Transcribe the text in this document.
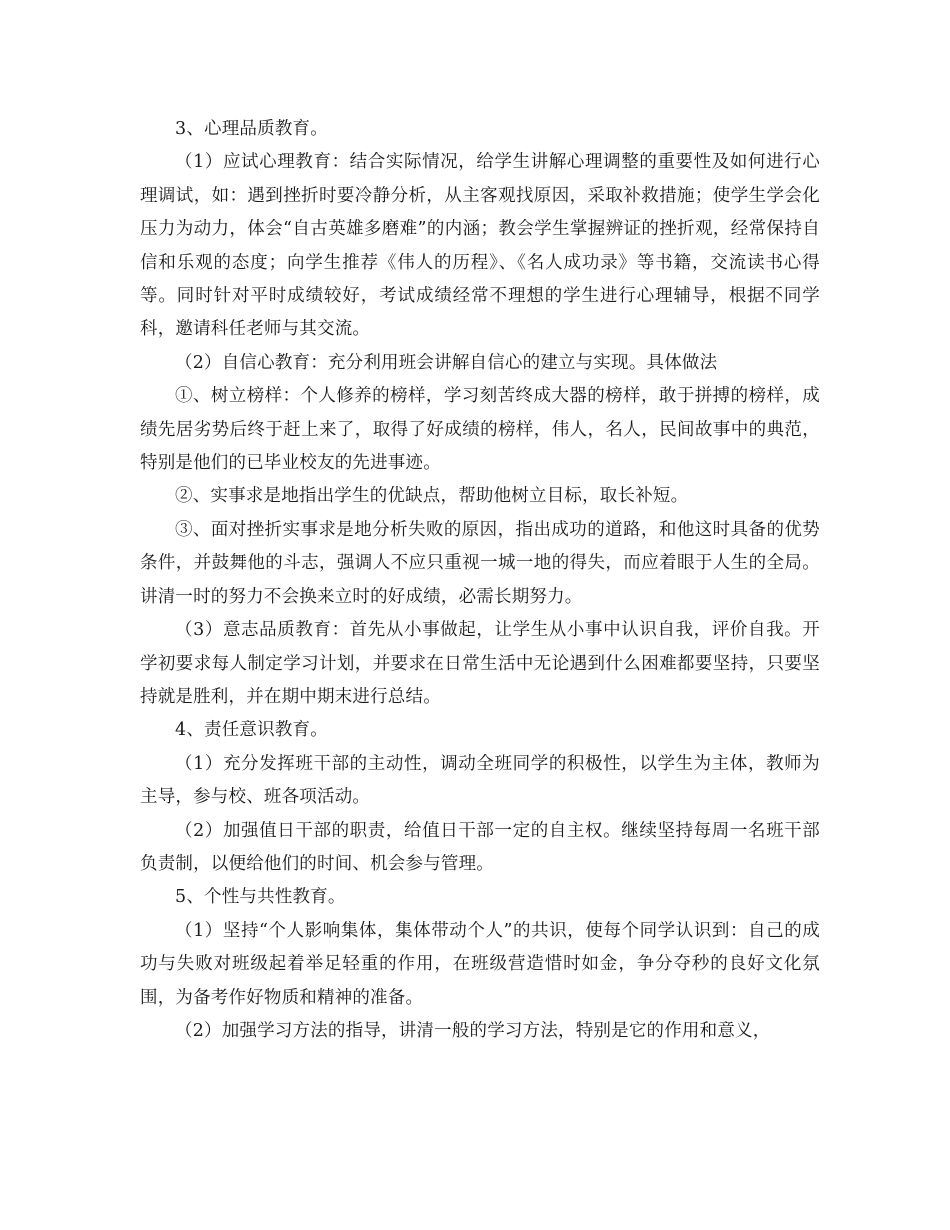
3、心理品质教育。

（1）应试心理教育：结合实际情况，给学生讲解心理调整的重要性及如何进行心理调试，如：遇到挫折时要冷静分析，从主客观找原因，采取补救措施；使学生学会化压力为动力，体会“自古英雄多磨难”的内涵；教会学生掌握辨证的挫折观，经常保持自信和乐观的态度；向学生推荐《伟人的历程》、《名人成功录》等书籍，交流读书心得等。同时针对平时成绩较好，考试成绩经常不理想的学生进行心理辅导，根据不同学科，邀请科任老师与其交流。

（2）自信心教育：充分利用班会讲解自信心的建立与实现。具体做法

①、树立榜样：个人修养的榜样，学习刻苦终成大器的榜样，敢于拼搏的榜样，成绩先居劣势后终于赶上来了，取得了好成绩的榜样，伟人，名人，民间故事中的典范，特别是他们的已毕业校友的先进事迹。

②、实事求是地指出学生的优缺点，帮助他树立目标，取长补短。

③、面对挫折实事求是地分析失败的原因，指出成功的道路，和他这时具备的优势条件，并鼓舞他的斗志，强调人不应只重视一城一地的得失，而应着眼于人生的全局。讲清一时的努力不会换来立时的好成绩，必需长期努力。

（3）意志品质教育：首先从小事做起，让学生从小事中认识自我，评价自我。开学初要求每人制定学习计划，并要求在日常生活中无论遇到什么困难都要坚持，只要坚持就是胜利，并在期中期末进行总结。

4、责任意识教育。

（1）充分发挥班干部的主动性，调动全班同学的积极性，以学生为主体，教师为主导，参与校、班各项活动。

（2）加强值日干部的职责，给值日干部一定的自主权。继续坚持每周一名班干部负责制，以便给他们的时间、机会参与管理。

5、个性与共性教育。

（1）坚持“个人影响集体，集体带动个人”的共识，使每个同学认识到：自己的成功与失败对班级起着举足轻重的作用，在班级营造惜时如金，争分夺秒的良好文化氛围，为备考作好物质和精神的准备。

（2）加强学习方法的指导，讲清一般的学习方法，特别是它的作用和意义，
